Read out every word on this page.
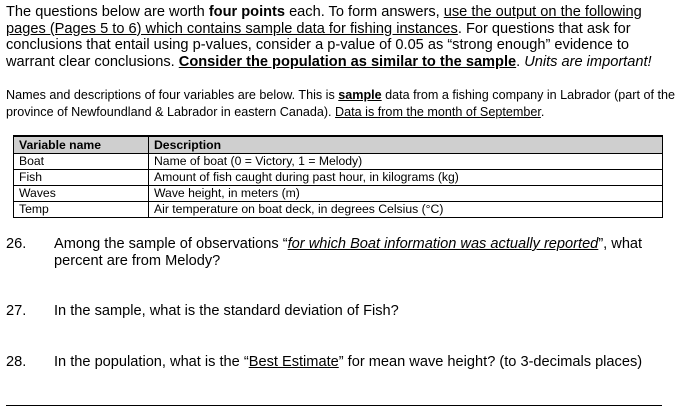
The questions below are worth four points each. To form answers, use the output on the following pages (Pages 5 to 6) which contains sample data for fishing instances. For questions that ask for conclusions that entail using p-values, consider a p-value of 0.05 as “strong enough” evidence to warrant clear conclusions. Consider the population as similar to the sample. Units are important!
Names and descriptions of four variables are below. This is sample data from a fishing company in Labrador (part of the province of Newfoundland & Labrador in eastern Canada). Data is from the month of September.
Variable name	Description
Boat	Name of boat (0 = Victory, 1 = Melody)
Fish	Amount of fish caught during past hour, in kilograms (kg)
Waves	Wave height, in meters (m)
Temp	Air temperature on boat deck, in degrees Celsius (°C)
26. Among the sample of observations “for which Boat information was actually reported”, what percent are from Melody?
27. In the sample, what is the standard deviation of Fish?
28. In the population, what is the “Best Estimate” for mean wave height? (to 3-decimals places)
